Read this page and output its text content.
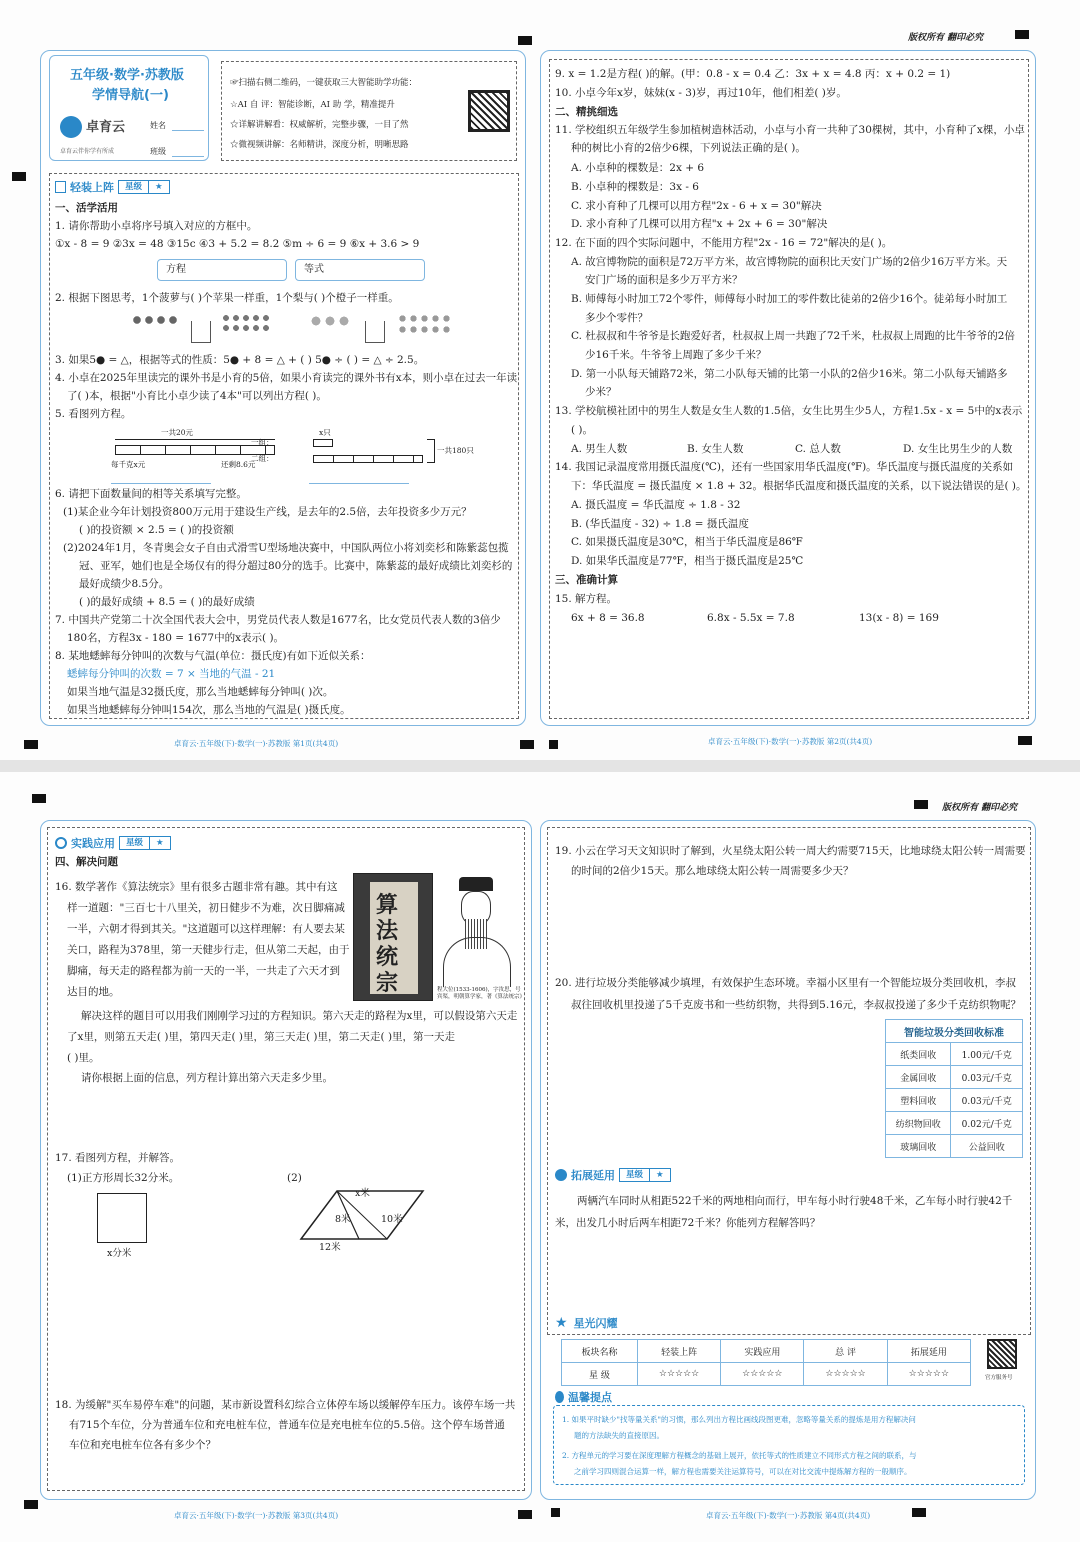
版权所有 翻印必究
五年级·数学·苏教版
学情导航(一)
卓育云
卓育云伴你学有所成
姓名
班级
☞扫描右侧二维码，一键获取三大智能助学功能：
☆AI 自 评：智能诊断，AI 助 学，精准提升
☆详解讲解看：权威解析，完整步骤，一目了然
☆微视频讲解：名师精讲，深度分析，明晰思路
轻装上阵	星级	★
一、活学活用
1. 请你帮助小卓将序号填入对应的方框中。
①x - 8 = 9 ②3x = 48 ③15c ④3 + 5.2 = 8.2 ⑤m ÷ 6 = 9 ⑥x + 3.6 > 9
方程	等式
2. 根据下图思考，1个菠萝与( )个苹果一样重，1个梨与( )个橙子一样重。
3. 如果5● = △，根据等式的性质：5● + 8 = △ + ( ) 5● ÷ ( ) = △ ÷ 2.5。
4. 小卓在2025年里读完的课外书是小育的5倍，如果小育读完的课外书有x本，则小卓在过去一年读
了( )本，根据"小育比小卓少读了4本"可以列出方程( )。
5. 看图列方程。
一共20元
每千克x元	还剩8.6元
x只
一组：
二组：
一共180只
6. 请把下面数量间的相等关系填写完整。
(1)某企业今年计划投资800万元用于建设生产线，是去年的2.5倍，去年投资多少万元？
( )的投资额 × 2.5 = ( )的投资额
(2)2024年1月，冬青奥会女子自由式滑雪U型场地决赛中，中国队两位小将刘奕杉和陈紫蕊包揽
冠、亚军，她们也是全场仅有的得分超过80分的选手。比赛中，陈紫蕊的最好成绩比刘奕杉的
最好成绩少8.5分。
( )的最好成绩 + 8.5 = ( )的最好成绩
7. 中国共产党第二十次全国代表大会中，男党员代表人数是1677名，比女党员代表人数的3倍少
180名，方程3x - 180 = 1677中的x表示( )。
8. 某地蟋蟀每分钟叫的次数与气温(单位：摄氏度)有如下近似关系：
蟋蟀每分钟叫的次数 = 7 × 当地的气温 - 21
如果当地气温是32摄氏度，那么当地蟋蟀每分钟叫( )次。
如果当地蟋蟀每分钟叫154次，那么当地的气温是( )摄氏度。
卓育云·五年级(下)·数学(一)·苏教版 第1页(共4页)
9. x = 1.2是方程( )的解。(甲：0.8 - x = 0.4 乙：3x + x = 4.8 丙：x + 0.2 = 1)
10. 小卓今年x岁，妹妹(x - 3)岁，再过10年，他们相差( )岁。
二、精挑细选
11. 学校组织五年级学生参加植树造林活动，小卓与小育一共种了30棵树，其中，小育种了x棵，小卓
种的树比小育的2倍少6棵，下列说法正确的是( )。
A. 小卓种的棵数是：2x + 6
B. 小卓种的棵数是：3x - 6
C. 求小育种了几棵可以用方程"2x - 6 + x = 30"解决
D. 求小育种了几棵可以用方程"x + 2x + 6 = 30"解决
12. 在下面的四个实际问题中，不能用方程"2x - 16 = 72"解决的是( )。
A. 故宫博物院的面积是72万平方米，故宫博物院的面积比天安门广场的2倍少16万平方米。天
安门广场的面积是多少万平方米？
B. 师傅每小时加工72个零件，师傅每小时加工的零件数比徒弟的2倍少16个。徒弟每小时加工
多少个零件？
C. 杜叔叔和牛爷爷是长跑爱好者，杜叔叔上周一共跑了72千米，杜叔叔上周跑的比牛爷爷的2倍
少16千米。牛爷爷上周跑了多少千米？
D. 第一小队每天铺路72米，第二小队每天铺的比第一小队的2倍少16米。第二小队每天铺路多
少米？
13. 学校航模社团中的男生人数是女生人数的1.5倍，女生比男生少5人，方程1.5x - x = 5中的x表示
( )。
A. 男生人数	B. 女生人数	C. 总人数	D. 女生比男生少的人数
14. 我国记录温度常用摄氏温度(℃)，还有一些国家用华氏温度(℉)。华氏温度与摄氏温度的关系如
下：华氏温度 = 摄氏温度 × 1.8 + 32。根据华氏温度和摄氏温度的关系，以下说法错误的是( )。
A. 摄氏温度 = 华氏温度 ÷ 1.8 - 32
B. (华氏温度 - 32) ÷ 1.8 = 摄氏温度
C. 如果摄氏温度是30℃，相当于华氏温度是86℉
D. 如果华氏温度是77℉，相当于摄氏温度是25℃
三、准确计算
15. 解方程。
6x + 8 = 36.8	6.8x - 5.5x = 7.8	13(x - 8) = 169
卓育云·五年级(下)·数学(一)·苏教版 第2页(共4页)
版权所有 翻印必究
实践应用	星级	★
四、解决问题
16. 数学著作《算法统宗》里有很多古题非常有趣。其中有这
样一道题："三百七十八里关，初日健步不为难，次日脚痛减
一半，六朝才得到其关。"这道题可以这样理解：有人要去某
关口，路程为378里，第一天健步行走，但从第二天起，由于
脚痛，每天走的路程都为前一天的一半，一共走了六天才到
达目的地。
算法统宗	程大位(1533-1606)，字汝思，号宾渠，明朝算学家，著《算法统宗》
解决这样的题目可以用我们刚刚学习过的方程知识。第六天走的路程为x里，可以假设第六天走
了x里，则第五天走( )里，第四天走( )里，第三天走( )里，第二天走( )里，第一天走
( )里。
请你根据上面的信息，列方程计算出第六天走多少里。
17. 看图列方程，并解答。
(1)正方形周长32分米。
x分米
(2)
x米
8米	10米
12米
18. 为缓解"买车易停车难"的问题，某市新设置科幻综合立体停车场以缓解停车压力。该停车场一共
有715个车位，分为普通车位和充电桩车位，普通车位是充电桩车位的5.5倍。这个停车场普通
车位和充电桩车位各有多少个？
卓育云·五年级(下)·数学(一)·苏教版 第3页(共4页)
19. 小云在学习天文知识时了解到，火星绕太阳公转一周大约需要715天，比地球绕太阳公转一周需要
的时间的2倍少15天。那么地球绕太阳公转一周需要多少天？
20. 进行垃圾分类能够减少填埋，有效保护生态环境。幸福小区里有一个智能垃圾分类回收机，李叔
叔往回收机里投递了5千克废书和一些纺织物，共得到5.16元，李叔叔投递了多少千克纺织物呢？
智能垃圾分类回收标准	
纸类回收	1.00元/千克
金属回收	0.03元/千克
塑料回收	0.03元/千克
纺织物回收	0.02元/千克
玻璃回收	公益回收
拓展延用	星级	★
两辆汽车同时从相距522千米的两地相向而行，甲车每小时行驶48千米，乙车每小时行驶42千
米，出发几小时后两车相距72千米？你能列方程解答吗？
★ 星光闪耀
板块名称	轻装上阵	实践应用	总 评	拓展延用
星 级	☆☆☆☆☆	☆☆☆☆☆	☆☆☆☆☆	☆☆☆☆☆	官方服务号
温馨提点
1. 如果平时缺少"找等量关系"的习惯，那么列出方程比画线段图更难，忽略等量关系的提炼是用方程解决问
题的方法缺失的直接原因。
2. 方程单元的学习要在深度理解方程概念的基础上展开，依托等式的性质建立不同形式方程之间的联系，与
之前学习四则混合运算一样，解方程也需要关注运算符号，可以在对比交流中提炼解方程的一般顺序。
卓育云·五年级(下)·数学(一)·苏教版 第4页(共4页)
